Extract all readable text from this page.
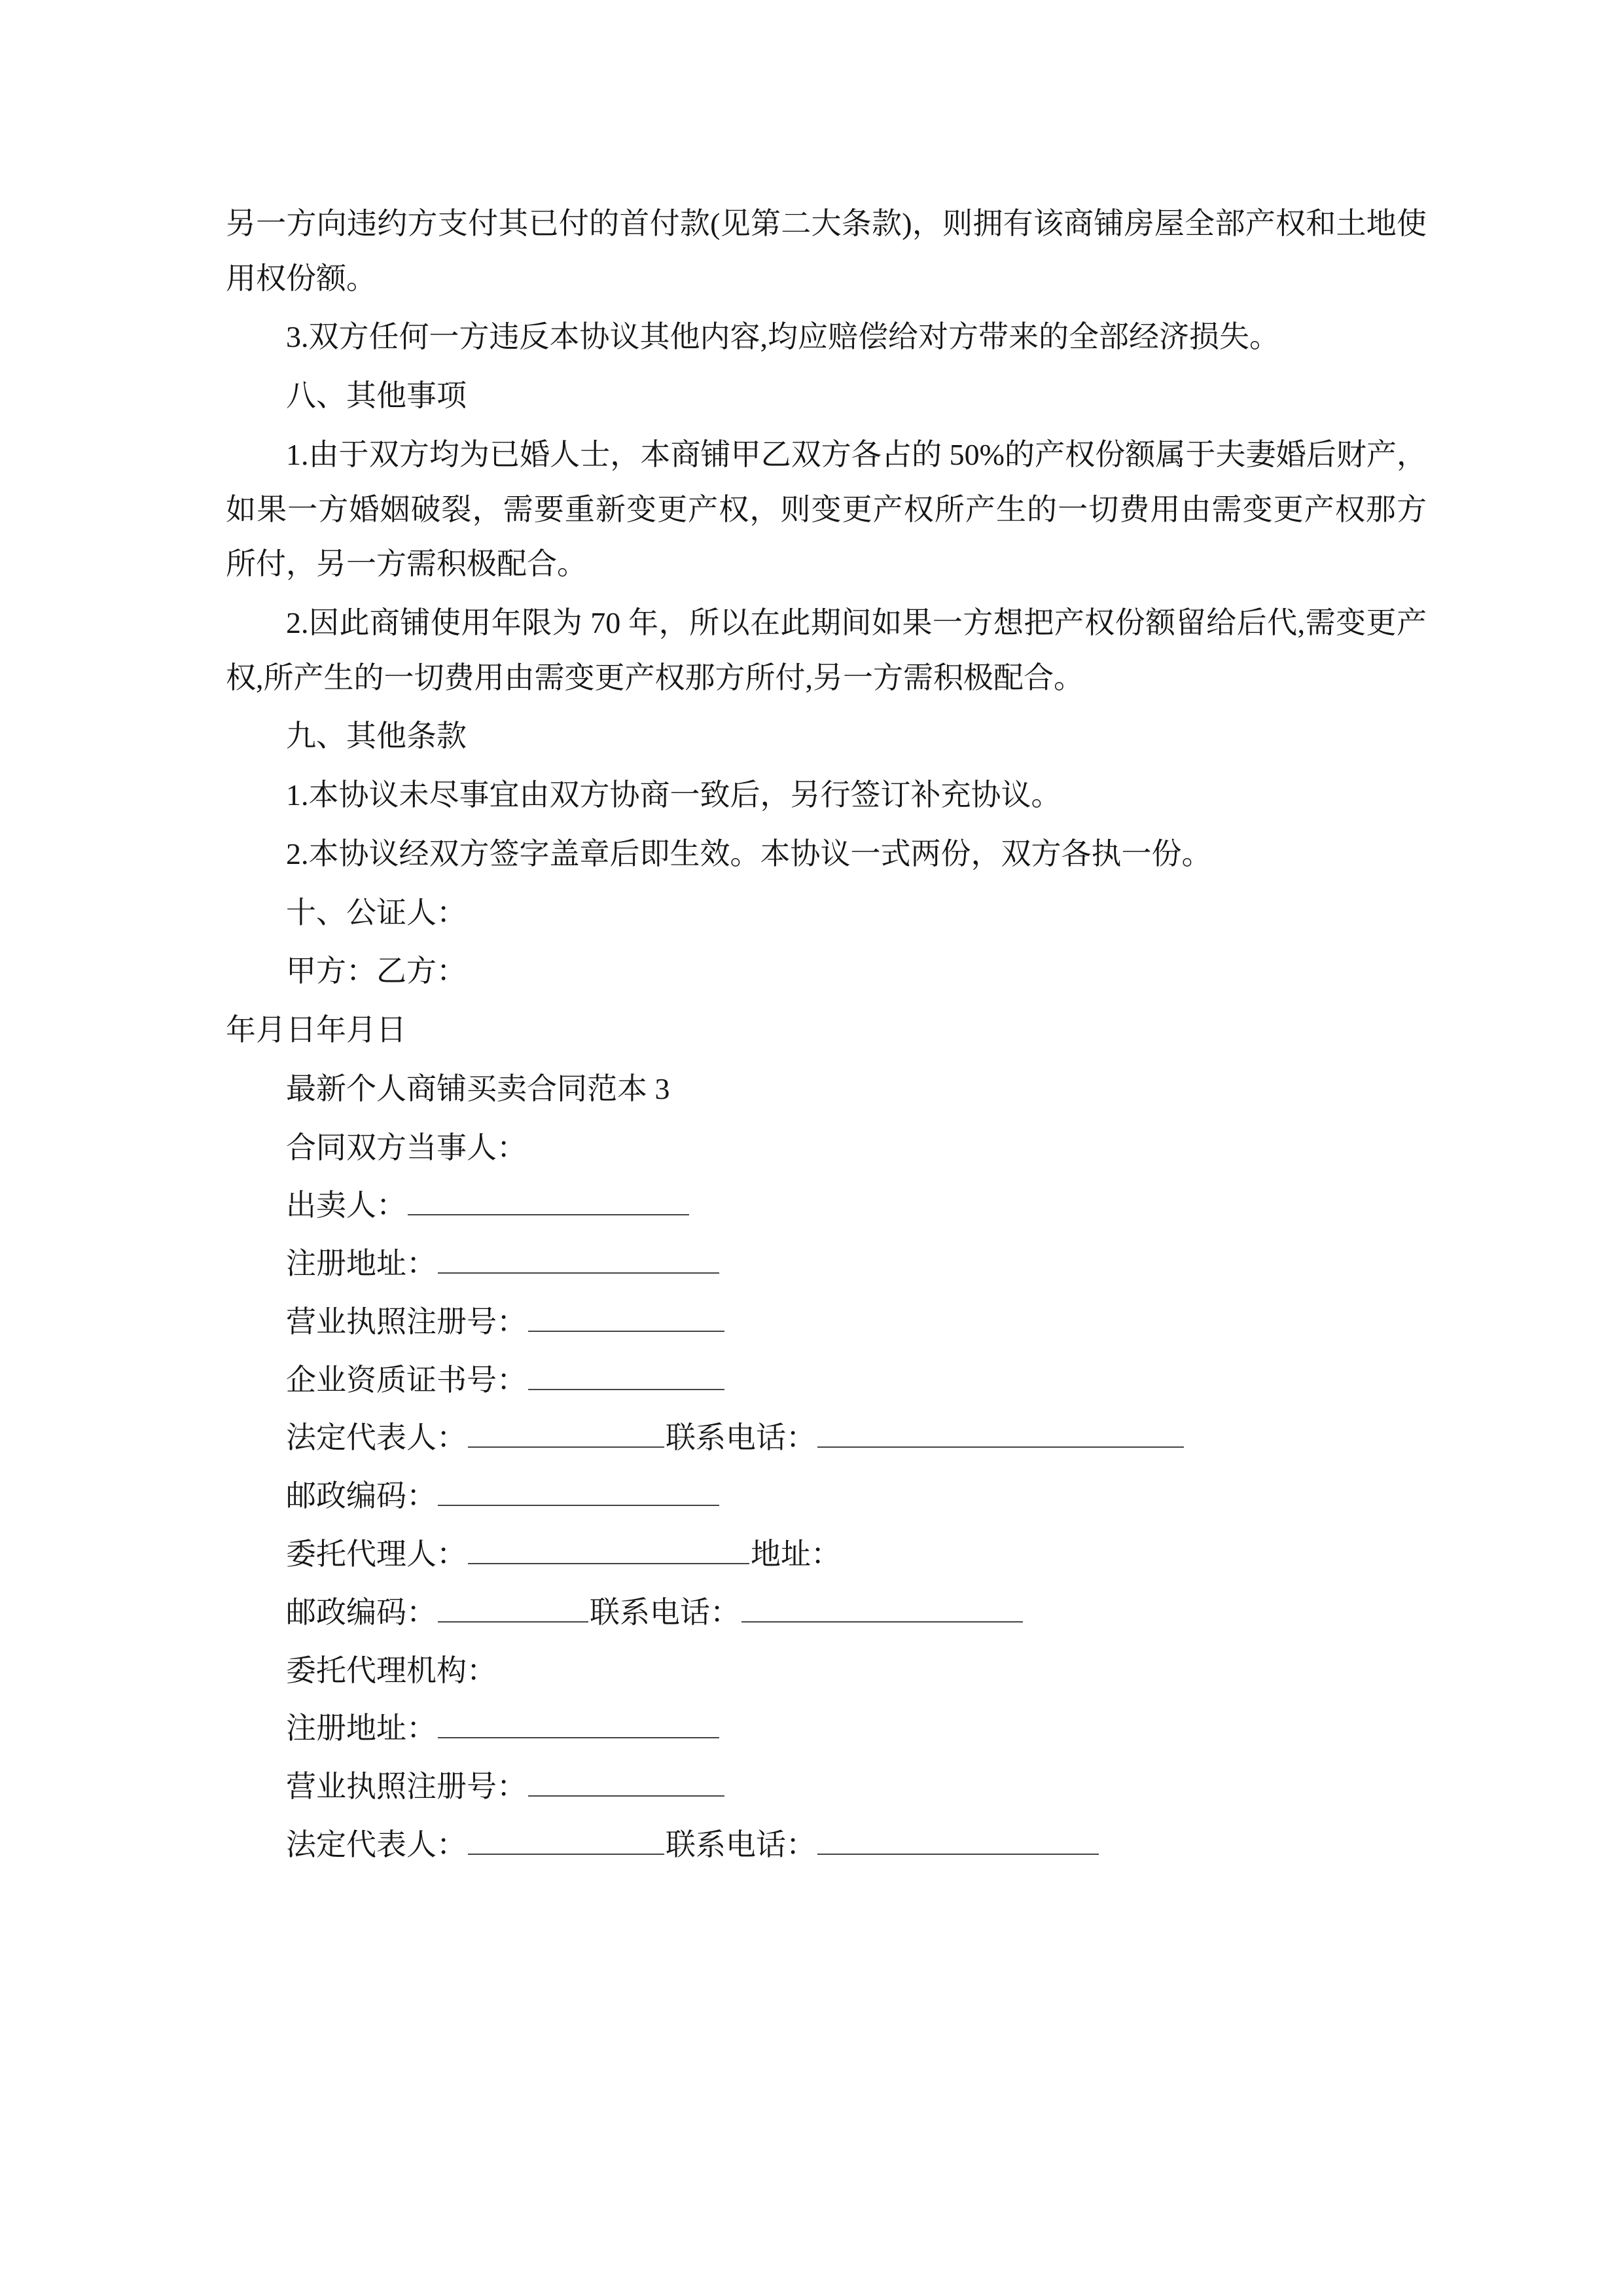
另一方向违约方支付其已付的首付款(见第二大条款)，则拥有该商铺房屋全部产权和土地使用权份额。

3.双方任何一方违反本协议其他内容,均应赔偿给对方带来的全部经济损失。

八、其他事项

1.由于双方均为已婚人士，本商铺甲乙双方各占的 50%的产权份额属于夫妻婚后财产，如果一方婚姻破裂，需要重新变更产权，则变更产权所产生的一切费用由需变更产权那方所付，另一方需积极配合。

2.因此商铺使用年限为 70 年，所以在此期间如果一方想把产权份额留给后代,需变更产权,所产生的一切费用由需变更产权那方所付,另一方需积极配合。

九、其他条款

1.本协议未尽事宜由双方协商一致后，另行签订补充协议。

2.本协议经双方签字盖章后即生效。本协议一式两份，双方各执一份。

十、公证人：

甲方：乙方：

年月日年月日

最新个人商铺买卖合同范本 3

合同双方当事人：

出卖人：

注册地址：

营业执照注册号：

企业资质证书号：

法定代表人：	联系电话：

邮政编码：

委托代理人：	地址：

邮政编码：	联系电话：

委托代理机构：

注册地址：

营业执照注册号：

法定代表人：	联系电话：
